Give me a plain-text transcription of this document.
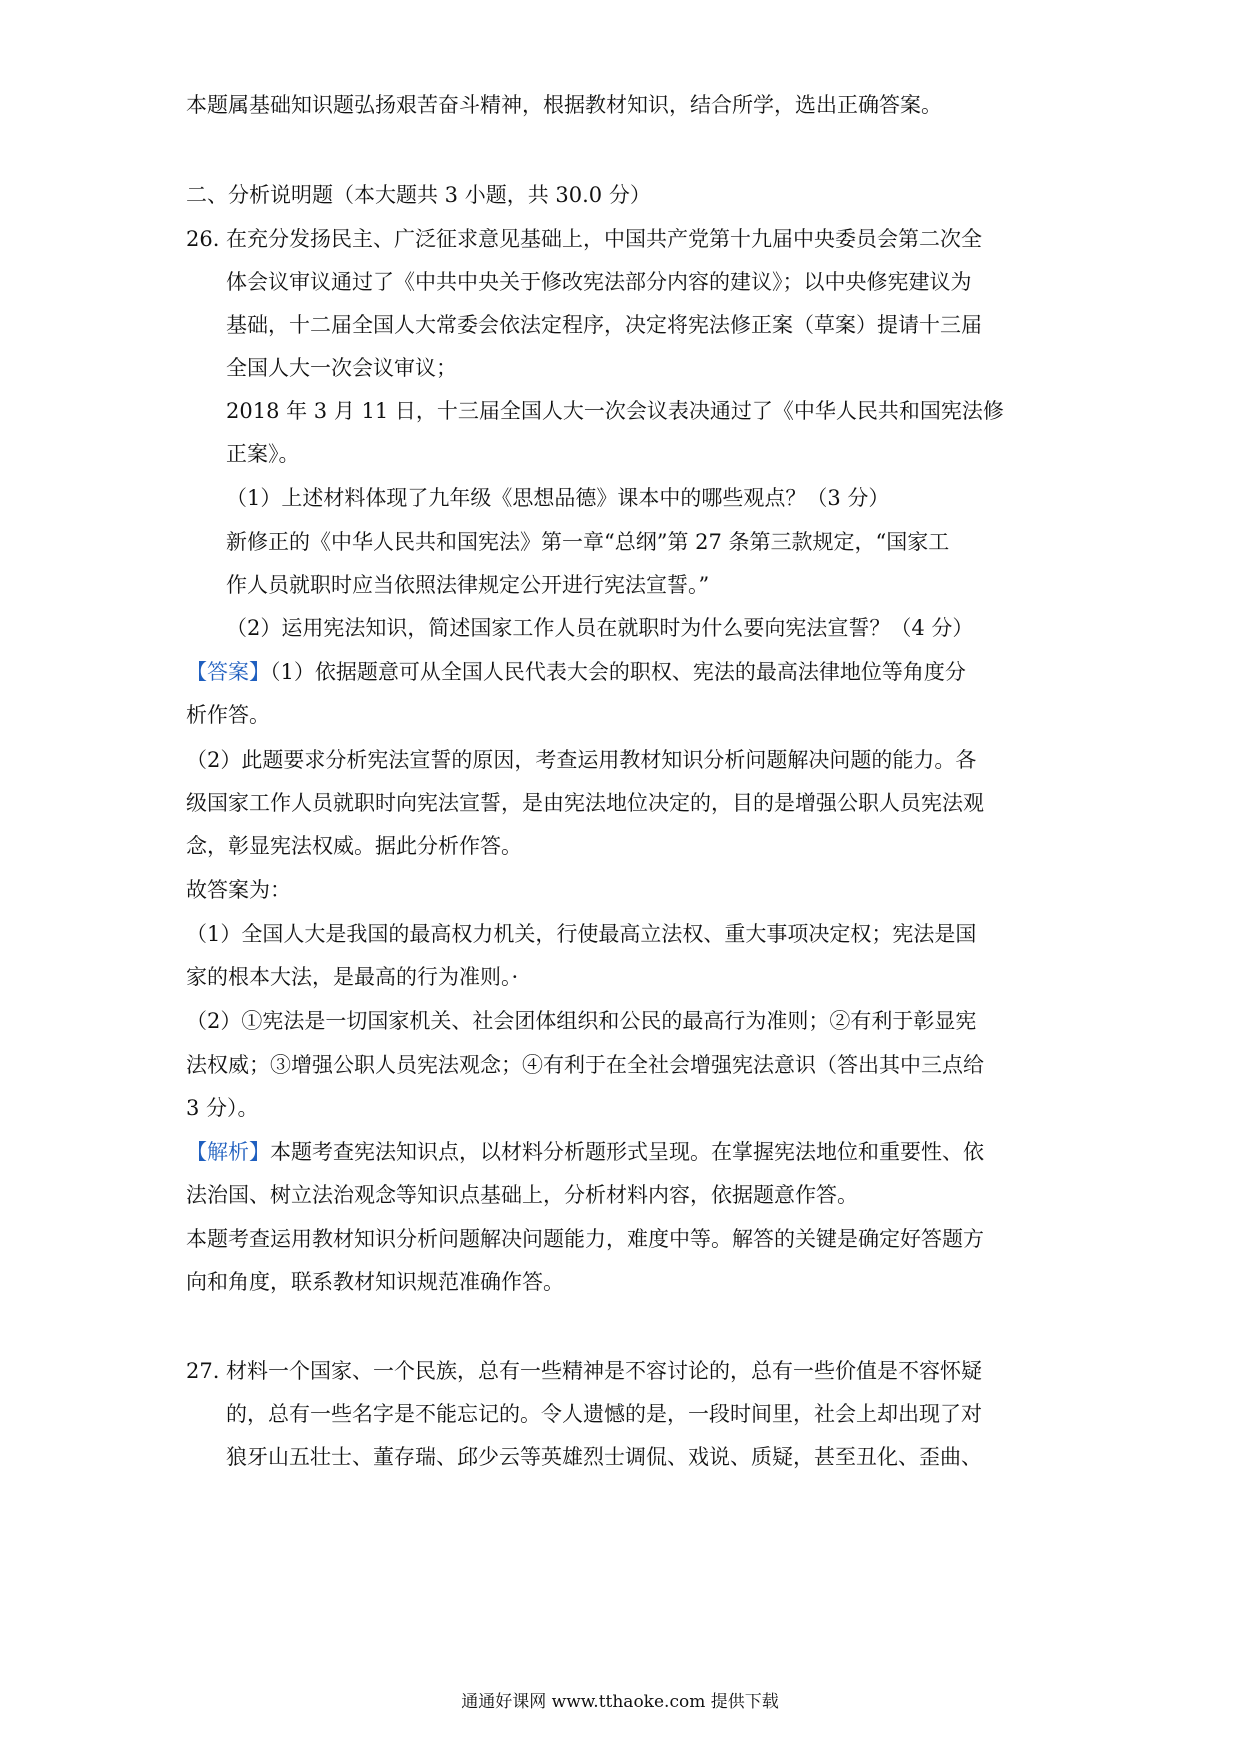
本题属基础知识题弘扬艰苦奋斗精神，根据教材知识，结合所学，选出正确答案。
二、分析说明题（本大题共 3 小题，共 30.0 分）
26. 在充分发扬民主、广泛征求意见基础上，中国共产党第十九届中央委员会第二次全
体会议审议通过了《中共中央关于修改宪法部分内容的建议》；以中央修宪建议为
基础，十二届全国人大常委会依法定程序，决定将宪法修正案（草案）提请十三届
全国人大一次会议审议；
2018 年 3 月 11 日，十三届全国人大一次会议表决通过了《中华人民共和国宪法修
正案》。
（1）上述材料体现了九年级《思想品德》课本中的哪些观点？（3 分）
新修正的《中华人民共和国宪法》第一章“总纲”第 27 条第三款规定，“国家工
作人员就职时应当依照法律规定公开进行宪法宣誓。”
（2）运用宪法知识，简述国家工作人员在就职时为什么要向宪法宣誓？（4 分）
【答案】（1）依据题意可从全国人民代表大会的职权、宪法的最高法律地位等角度分
析作答。
（2）此题要求分析宪法宣誓的原因，考查运用教材知识分析问题解决问题的能力。各
级国家工作人员就职时向宪法宣誓，是由宪法地位决定的，目的是增强公职人员宪法观
念，彰显宪法权威。据此分析作答。
故答案为：
（1）全国人大是我国的最高权力机关，行使最高立法权、重大事项决定权；宪法是国
家的根本大法，是最高的行为准则。·
（2）①宪法是一切国家机关、社会团体组织和公民的最高行为准则；②有利于彰显宪
法权威；③增强公职人员宪法观念；④有利于在全社会增强宪法意识（答出其中三点给
3 分）。
【解析】本题考查宪法知识点，以材料分析题形式呈现。在掌握宪法地位和重要性、依
法治国、树立法治观念等知识点基础上，分析材料内容，依据题意作答。
本题考查运用教材知识分析问题解决问题能力，难度中等。解答的关键是确定好答题方
向和角度，联系教材知识规范准确作答。
27. 材料一个国家、一个民族，总有一些精神是不容讨论的，总有一些价值是不容怀疑
的，总有一些名字是不能忘记的。令人遗憾的是，一段时间里，社会上却出现了对
狼牙山五壮士、董存瑞、邱少云等英雄烈士调侃、戏说、质疑，甚至丑化、歪曲、
通通好课网 www.tthaoke.com 提供下载
